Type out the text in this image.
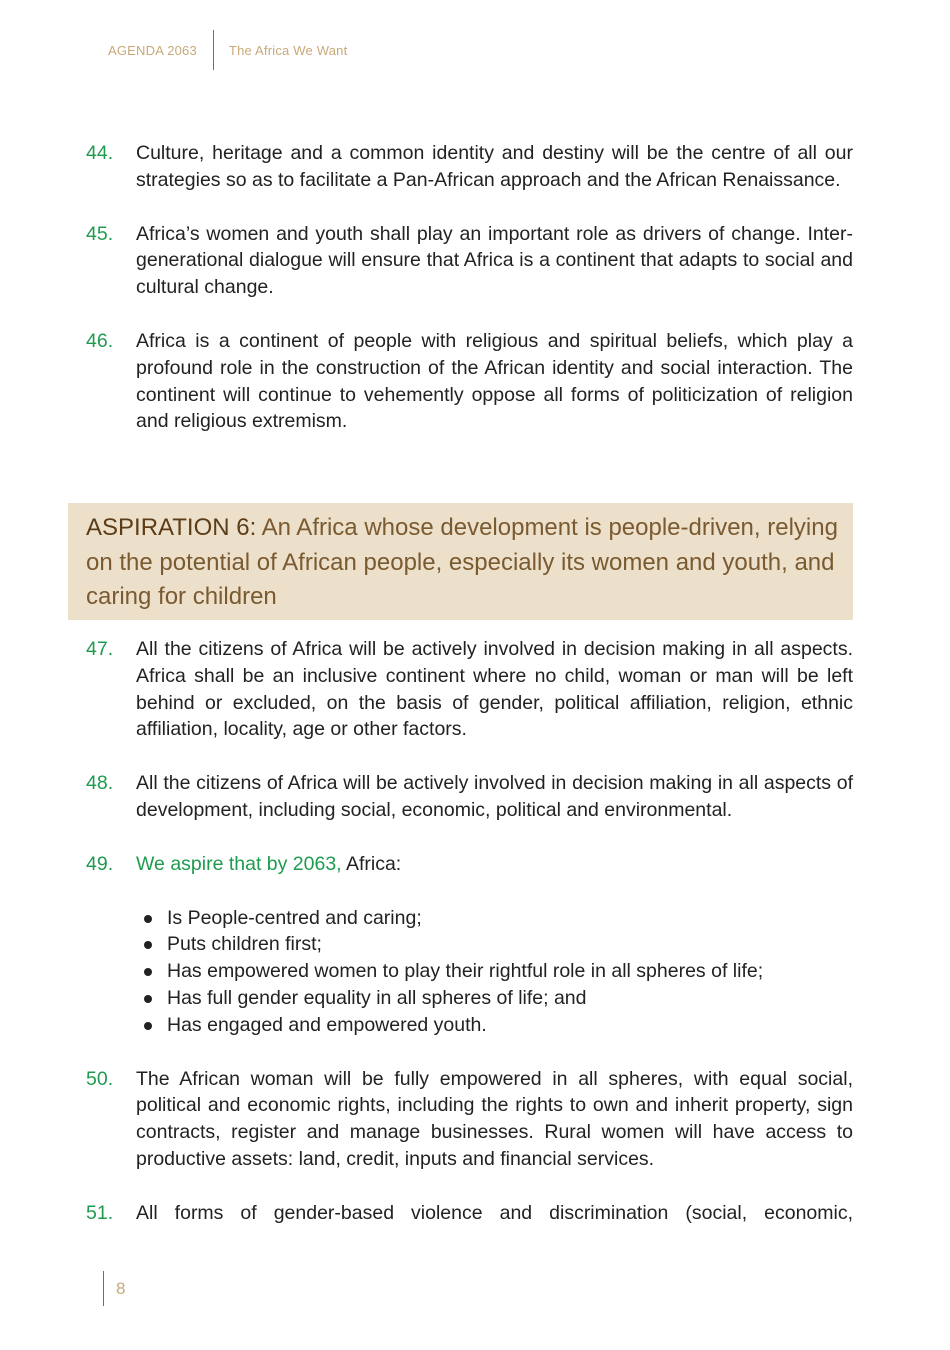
AGENDA 2063 The Africa We Want
44.	Culture, heritage and a common identity and destiny will be the centre of all our strategies so as to facilitate a Pan-African approach and the African Renaissance.
45.	Africa’s women and youth shall play an important role as drivers of change. Inter-generational dialogue will ensure that Africa is a continent that adapts to social and cultural change.
46.	Africa is a continent of people with religious and spiritual beliefs, which play a profound role in the construction of the African identity and social interaction. The continent will continue to vehemently oppose all forms of politicization of religion and religious extremism.
ASPIRATION 6: An Africa whose development is people-driven, relying on the potential of African people, especially its women and youth, and caring for children
47.	All the citizens of Africa will be actively involved in decision making in all aspects. Africa shall be an inclusive continent where no child, woman or man will be left behind or excluded, on the basis of gender, political affiliation, religion, ethnic affiliation, locality, age or other factors.
48.	All the citizens of Africa will be actively involved in decision making in all aspects of development, including social, economic, political and environmental.
49.	We aspire that by 2063, Africa:
Is People-centred and caring;
Puts children first;
Has empowered women to play their rightful role in all spheres of life;
Has full gender equality in all spheres of life; and
Has engaged and empowered youth.
50.	The African woman will be fully empowered in all spheres, with equal social, political and economic rights, including the rights to own and inherit property, sign contracts, register and manage businesses. Rural women will have access to productive assets: land, credit, inputs and financial services.
51.	All forms of gender-based violence and discrimination (social, economic,
8
